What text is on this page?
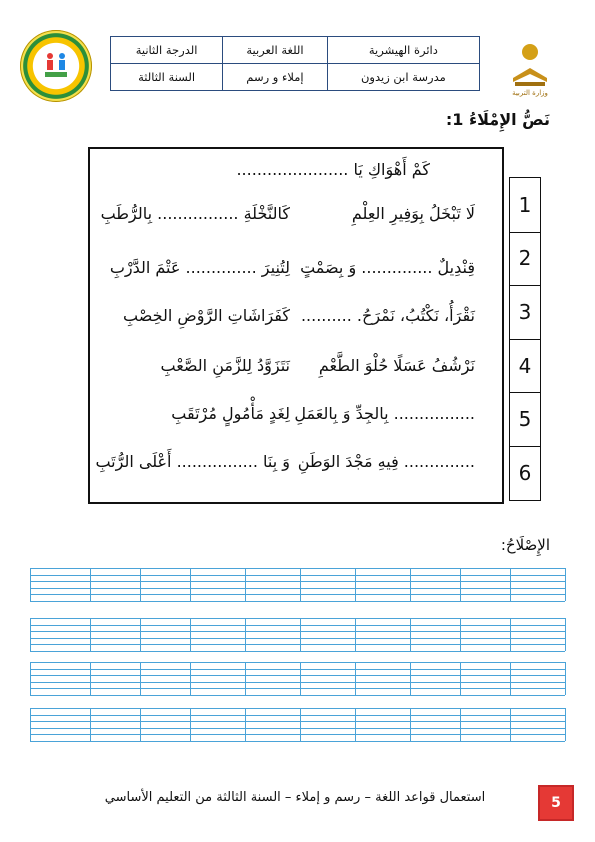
وزارة التربية
الدرجة الثانية	اللغة العربية	دائرة الهيشرية
السنة الثالثة	إملاء و رسم	مدرسة ابن زيدون
نَصُّ الإِمْلَاءُ 1:
كَمْ أَهْوَاكِ يَا ......................
لَا تَبْخَلُ بِوَفِيرِ العِلْمِ
كَالنَّخْلَةِ ................ بِالرُّطَبِ
قِنْدِيلٌ .............. وَ بِصَمْتٍ
لِتُنِيرَ .............. عَتْمَ الدَّرْبِ
نَقْرَأُ، نَكْتُبُ، نَمْرَحُ. ..........
كَفَرَاشَاتِ الرَّوْضِ الخِصْبِ
نَرْشُفُ عَسَلًا حُلْوَ الطَّعْمِ
نَتَزَوَّدُ لِلزَّمَنِ الصَّعْبِ
................ بِالجِدِّ وَ بِالعَمَلِ
لِغَدٍ مَأْمُولٍ مُرْتَقَبِ
.............. فِيهِ مَجْدَ الوَطَنِ
وَ بِنَا ................ أَعْلَى الرُّتَبِ
1
2
3
4
5
6
الإِصْلَاحُ:
استعمال قواعد اللغة – رسم و إملاء – السنة الثالثة من التعليم الأساسي	5
